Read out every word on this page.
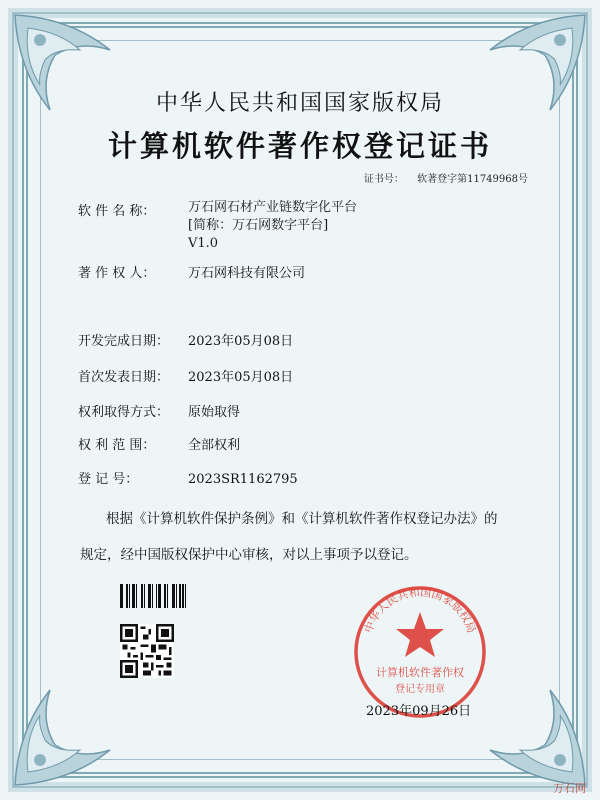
中华人民共和国国家版权局
计算机软件著作权登记证书
证书号： 软著登字第11749968号
软 件 名 称：	万石网石材产业链数字化平台
[简称：万石网数字平台]
V1.0
著 作 权 人：	万石网科技有限公司
开发完成日期： 2023年05月08日
首次发表日期： 2023年05月08日
权利取得方式： 原始取得
权 利 范 围：	全部权利
登 记 号：	2023SR1162795
根据《计算机软件保护条例》和《计算机软件著作权登记办法》的
规定，经中国版权保护中心审核，对以上事项予以登记。
中华人民共和国国家版权局
计算机软件著作权
登记专用章
2023年09月26日
万石网
